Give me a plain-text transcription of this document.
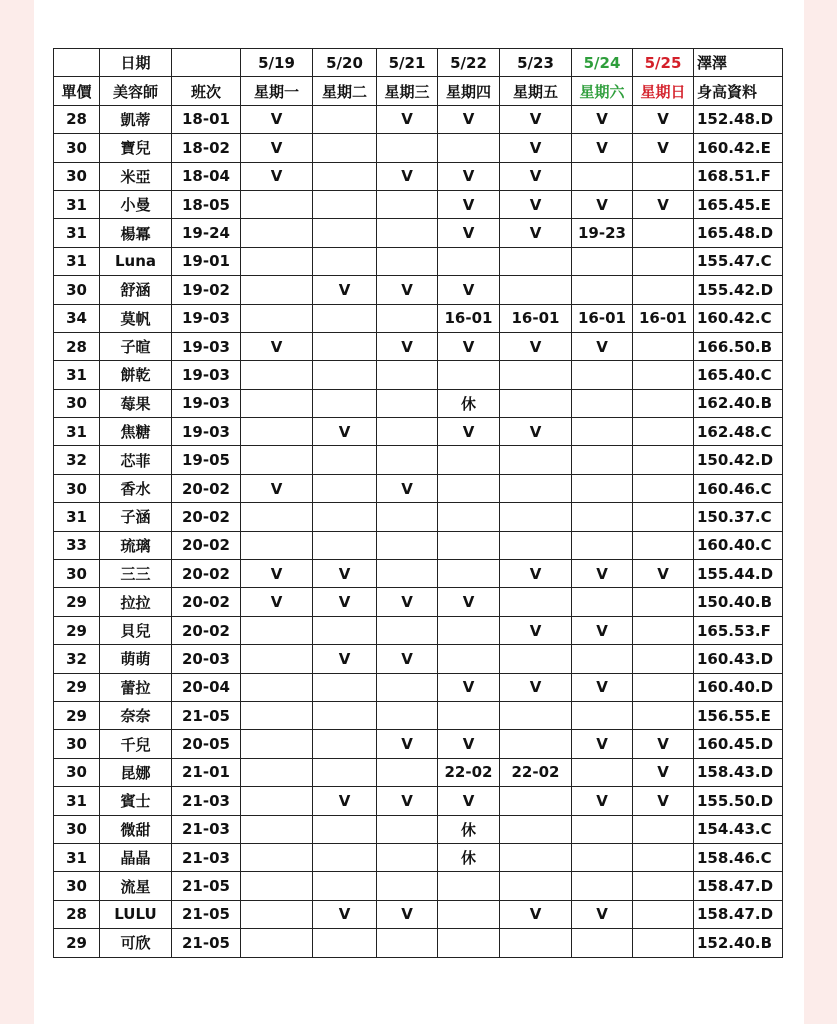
	日期		5/19	5/20	5/21	5/22	5/23	5/24	5/25	澤澤
單價	美容師	班次	星期一	星期二	星期三	星期四	星期五	星期六	星期日	身高資料
28	凱蒂	18-01	V		V	V	V	V	V	152.48.D
30	寶兒	18-02	V				V	V	V	160.42.E
30	米亞	18-04	V		V	V	V			168.51.F
31	小曼	18-05				V	V	V	V	165.45.E
31	楊冪	19-24				V	V	19-23		165.48.D
31	Luna	19-01								155.47.C
30	舒涵	19-02		V	V	V				155.42.D
34	莫帆	19-03				16-01	16-01	16-01	16-01	160.42.C
28	子暄	19-03	V		V	V	V	V		166.50.B
31	餅乾	19-03								165.40.C
30	莓果	19-03				休				162.40.B
31	焦糖	19-03		V		V	V			162.48.C
32	芯菲	19-05								150.42.D
30	香水	20-02	V		V					160.46.C
31	子涵	20-02								150.37.C
33	琉璃	20-02								160.40.C
30	三三	20-02	V	V			V	V	V	155.44.D
29	拉拉	20-02	V	V	V	V				150.40.B
29	貝兒	20-02					V	V		165.53.F
32	萌萌	20-03		V	V					160.43.D
29	蕾拉	20-04				V	V	V		160.40.D
29	奈奈	21-05								156.55.E
30	千兒	20-05			V	V		V	V	160.45.D
30	昆娜	21-01				22-02	22-02		V	158.43.D
31	賓士	21-03		V	V	V		V	V	155.50.D
30	微甜	21-03				休				154.43.C
31	晶晶	21-03				休				158.46.C
30	流星	21-05								158.47.D
28	LULU	21-05		V	V		V	V		158.47.D
29	可欣	21-05								152.40.B
